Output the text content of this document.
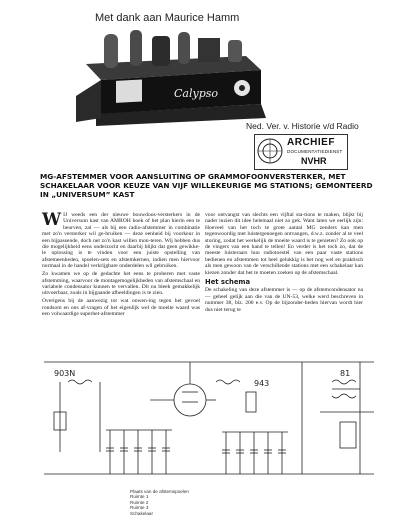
Met dank aan Maurice Hamm
Calypso
Ned. Ver. v. Historie v/d Radio
ARCHIEF
DOCUMENTATIEDIENST
NVHR
MG-AFSTEMMER VOOR AANSLUITING OP GRAMMOFOONVERSTERKER, MET SCHAKELAAR VOOR KEUZE VAN VIJF WILLEKEURIGE MG STATIONS; GEMONTEERD IN „UNIVERSUM” KAST

WIJ weeds een der nieuwe bouwdoos-versterkers in de Universum kast van AMROH boek of het plan hierin een te beurven, zal — als bij een radio-afstemmer in combinatie met zo'n versterker wil ge-bruiken — deze eenheid bij voorkeur in een bijpassende, doch net zo'n kast willen mon-teren. Wij hebben dus die mogelijkheid eens onderzocht en daarbij blijkt dat geen gewikke-le oplossing is te vinden voor een juiste opstelling van afstemeenheden, spoelen-sets en afstemkernen, indien men hiervoor normaal in de handel verkrijgbare onderdelen wil gebruiken.

Zo kwamen we op de gedachte het eens te proberen met vaste afstemming, waarvoor de montagemogelijkheden van afstemschaal en variabele condensator kunnen te vervallen. Dit nu bleek gemakkelijk uitvoerbaar, zoals in bijgaande afbeeldingen is te zien.

Overigens bij de aanwezig tot wat onwen-ing tegen het gevoel rondsom en ons af-vragen of het eigenlijk wel de moeite waard was een volwaardige superhet-afstemmer

voor ontvangst van slechts een vijftal sta-tions te maken, blijkt bij nader inzien dit idee helemaal niet zo gek. Want laten we eerlijk zijn: Hoeveel van het toch te grote aantal MG zenders kan men tegenwoordig met luistergenoegen ontvangen, d.w.z. zonder al te veel storing, zodat het werkelijk de moeite waard is te genieten? Zo ook op de vingers van een hand te tellen! En verder is het toch zo, dat de meeste luisteraars hun radiotoestel van een paar vaste stations bedienen en afstemmen tot heel gelukkig is het nog wel en praktisch als men gewoon van de verschillende stations met een schakelaar kan kiezen zonder dat het te moeten zoeken op de afstemschaal.

Het schema

De schakeling van deze afstemmer is — op de afstemcondensator na — geheel gelijk aan die van de UN-53, welke werd beschreven in nummer 38, blz. 200 e.v. Op de bijzonder-heden hiervan wordt hier dus niet terug te

903N
943
81
Plaats van de afstemspoelen
Ruimte 1
Ruimte 2
Ruimte 3
Schakelaar
